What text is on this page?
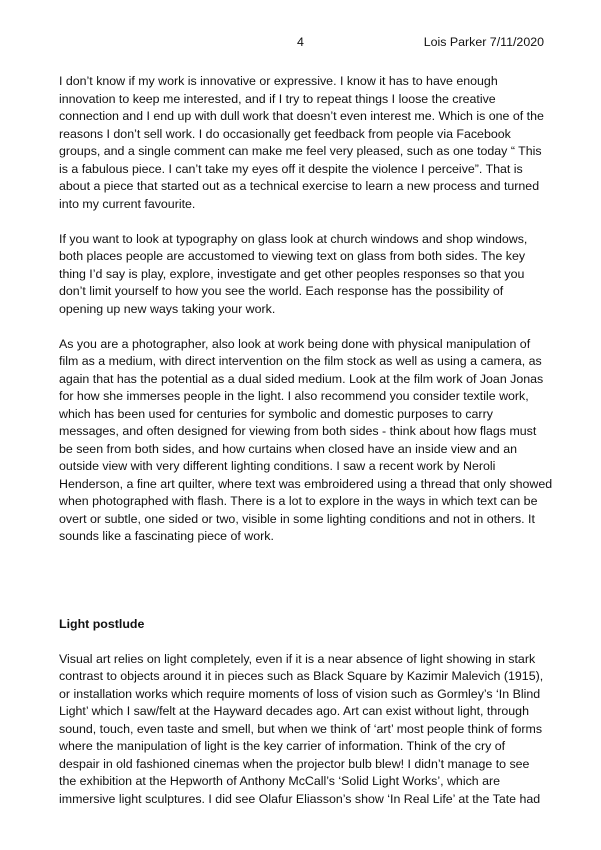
4	Lois Parker 7/11/2020
I don’t know if my work is innovative or expressive. I know it has to have enough
innovation to keep me interested, and if I try to repeat things I loose the creative
connection and I end up with dull work that doesn’t even interest me. Which is one of the
reasons I don’t sell work. I do occasionally get feedback from people via Facebook
groups, and a single comment can make me feel very pleased, such as one today “ This
is a fabulous piece. I can’t take my eyes off it despite the violence I perceive”. That is
about a piece that started out as a technical exercise to learn a new process and turned
into my current favourite.
If you want to look at typography on glass look at church windows and shop windows,
both places people are accustomed to viewing text on glass from both sides. The key
thing I’d say is play, explore, investigate and get other peoples responses so that you
don’t limit yourself to how you see the world. Each response has the possibility of
opening up new ways taking your work.
As you are a photographer, also look at work being done with physical manipulation of
film as a medium, with direct intervention on the film stock as well as using a camera, as
again that has the potential as a dual sided medium. Look at the film work of Joan Jonas
for how she immerses people in the light. I also recommend you consider textile work,
which has been used for centuries for symbolic and domestic purposes to carry
messages, and often designed for viewing from both sides - think about how flags must
be seen from both sides, and how curtains when closed have an inside view and an
outside view with very different lighting conditions. I saw a recent work by Neroli
Henderson, a fine art quilter, where text was embroidered using a thread that only showed
when photographed with flash. There is a lot to explore in the ways in which text can be
overt or subtle, one sided or two, visible in some lighting conditions and not in others. It
sounds like a fascinating piece of work.

Light postlude

Visual art relies on light completely, even if it is a near absence of light showing in stark
contrast to objects around it in pieces such as Black Square by Kazimir Malevich (1915),
or installation works which require moments of loss of vision such as Gormley’s ‘In Blind
Light’ which I saw/felt at the Hayward decades ago. Art can exist without light, through
sound, touch, even taste and smell, but when we think of ‘art’ most people think of forms
where the manipulation of light is the key carrier of information. Think of the cry of
despair in old fashioned cinemas when the projector bulb blew! I didn’t manage to see
the exhibition at the Hepworth of Anthony McCall’s ‘Solid Light Works’, which are
immersive light sculptures. I did see Olafur Eliasson’s show ‘In Real Life’ at the Tate had
